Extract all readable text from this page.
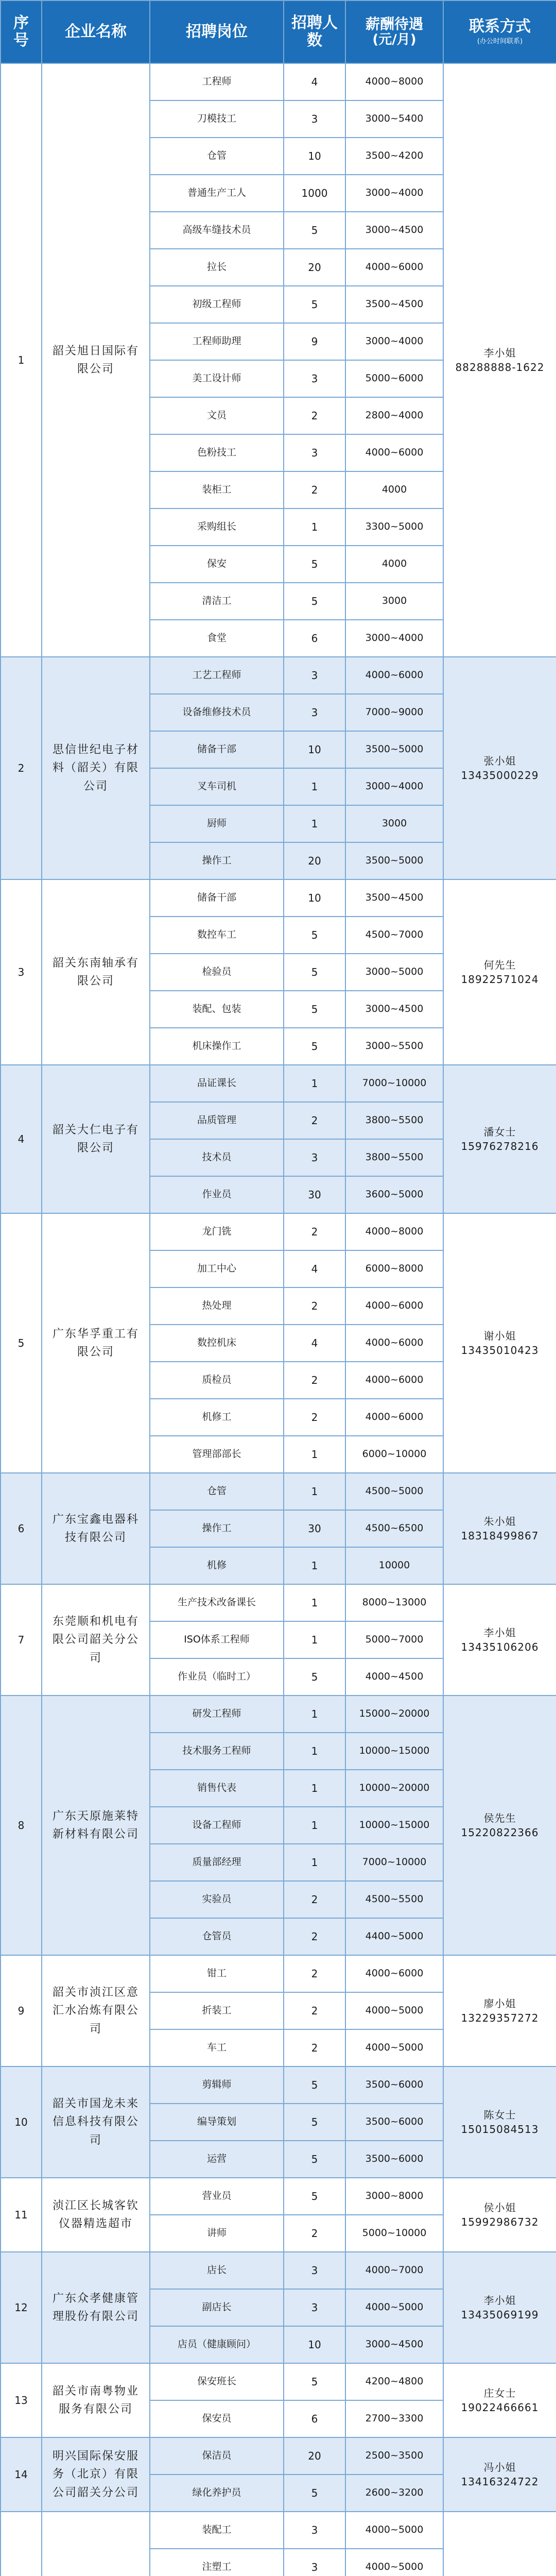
序号	企业名称	招聘岗位	招聘人数	薪酬待遇
(元/月)	联系方式
(办公时间联系)

1	韶关旭日国际有限公司	工程师	4	4000~8000	李小姐
88288888-1622
		刀模技工	3	3000~5400	
		仓管	10	3500~4200	
		普通生产工人	1000	3000~4000	
		高级车缝技术员	5	3000~4500	
		拉长	20	4000~6000	
		初级工程师	5	3500~4500	
		工程师助理	9	3000~4000	
		美工设计师	3	5000~6000	
		文员	2	2800~4000	
		色粉技工	3	4000~6000	
		装柜工	2	4000	
		采购组长	1	3300~5000	
		保安	5	4000	
		清洁工	5	3000	
		食堂	6	3000~4000	
2	思信世纪电子材料（韶关）有限公司	工艺工程师	3	4000~6000	张小姐
13435000229
		设备维修技术员	3	7000~9000	
		储备干部	10	3500~5000	
		叉车司机	1	3000~4000	
		厨师	1	3000	
		操作工	20	3500~5000	
3	韶关东南轴承有限公司	储备干部	10	3500~4500	何先生
18922571024
		数控车工	5	4500~7000	
		检验员	5	3000~5000	
		装配、包装	5	3000~4500	
		机床操作工	5	3000~5500	
4	韶关大仁电子有限公司	品证课长	1	7000~10000	潘女士
15976278216
		品质管理	2	3800~5500	
		技术员	3	3800~5500	
		作业员	30	3600~5000	
5	广东华孚重工有限公司	龙门铣	2	4000~8000	谢小姐
13435010423
		加工中心	4	6000~8000	
		热处理	2	4000~6000	
		数控机床	4	4000~6000	
		质检员	2	4000~6000	
		机修工	2	4000~6000	
		管理部部长	1	6000~10000	
6	广东宝鑫电器科技有限公司	仓管	1	4500~5000	朱小姐
18318499867
		操作工	30	4500~6500	
		机修	1	10000	
7	东莞顺和机电有限公司韶关分公司	生产技术改备课长	1	8000~13000	李小姐
13435106206
		ISO体系工程师	1	5000~7000	
		作业员（临时工）	5	4000~4500	
8	广东天原施莱特新材料有限公司	研发工程师	1	15000~20000	侯先生
15220822366
		技术服务工程师	1	10000~15000	
		销售代表	1	10000~20000	
		设备工程师	1	10000~15000	
		质量部经理	1	7000~10000	
		实验员	2	4500~5500	
		仓管员	2	4400~5000	
9	韶关市浈江区意汇水冶炼有限公司	钳工	2	4000~6000	廖小姐
13229357272
		折装工	2	4000~5000	
		车工	2	4000~5000	
10	韶关市国龙未来信息科技有限公司	剪辑师	5	3500~6000	陈女士
15015084513
		编导策划	5	3500~6000	
		运营	5	3500~6000	
11	浈江区长城客钦仪器精选超市	营业员	5	3000~8000	侯小姐
15992986732
		讲师	2	5000~10000	
12	广东众孝健康管理股份有限公司	店长	3	4000~7000	李小姐
13435069199
		副店长	3	4000~5000	
		店员（健康顾问）	10	3000~4500	
13	韶关市南粤物业服务有限公司	保安班长	5	4200~4800	庄女士
19022466661
		保安员	6	2700~3300	
14	明兴国际保安服务（北京）有限公司韶关分公司	保洁员	20	2500~3500	冯小姐
13416324722
		绿化养护员	5	2600~3200	
		装配工	3	4000~5000	
		注塑工	3	4000~5000	
